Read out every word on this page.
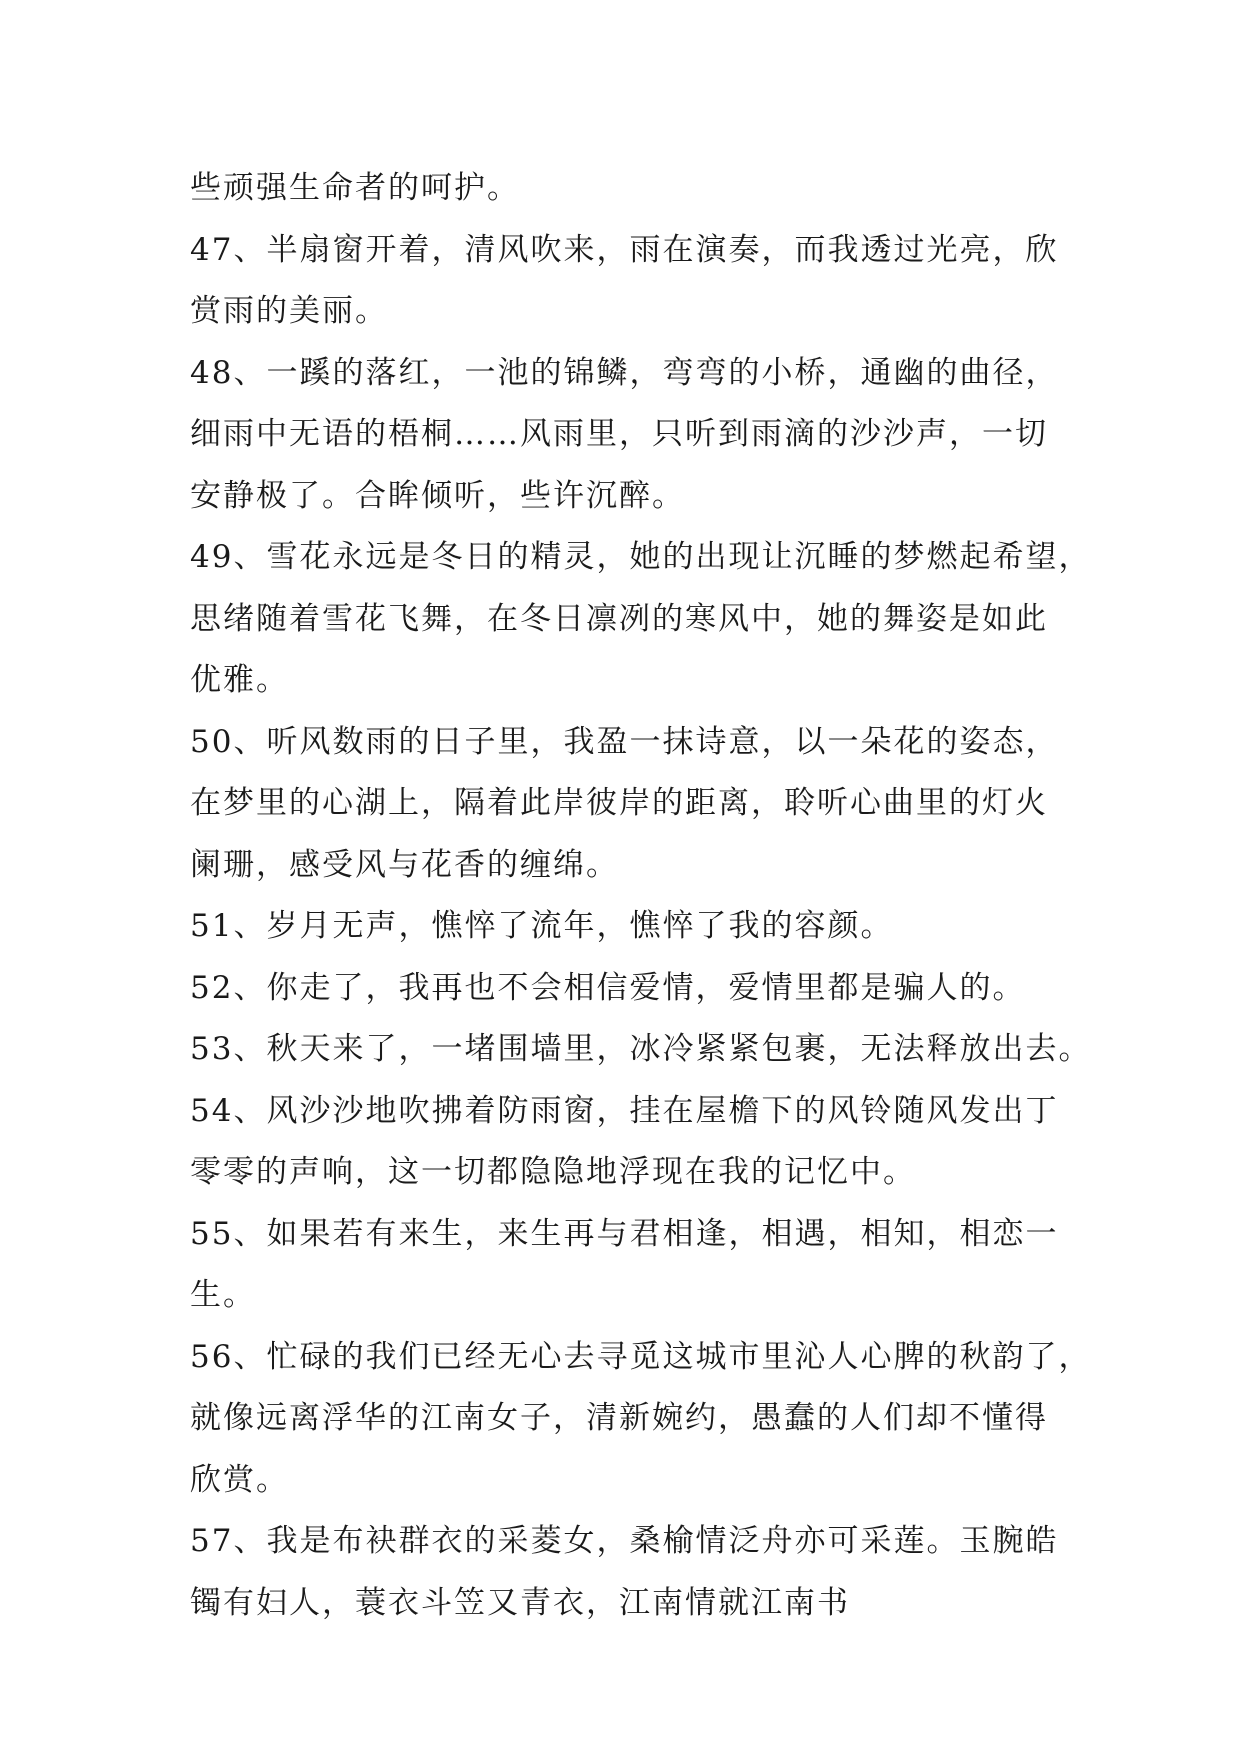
些顽强生命者的呵护。
47、半扇窗开着，清风吹来，雨在演奏，而我透过光亮，欣
赏雨的美丽。
48、一蹊的落红，一池的锦鳞，弯弯的小桥，通幽的曲径，
细雨中无语的梧桐……风雨里，只听到雨滴的沙沙声，一切
安静极了。合眸倾听，些许沉醉。
49、雪花永远是冬日的精灵，她的出现让沉睡的梦燃起希望，
思绪随着雪花飞舞，在冬日凛冽的寒风中，她的舞姿是如此
优雅。
50、听风数雨的日子里，我盈一抹诗意，以一朵花的姿态，
在梦里的心湖上，隔着此岸彼岸的距离，聆听心曲里的灯火
阑珊，感受风与花香的缠绵。
51、岁月无声，憔悴了流年，憔悴了我的容颜。
52、你走了，我再也不会相信爱情，爱情里都是骗人的。
53、秋天来了，一堵围墙里，冰冷紧紧包裹，无法释放出去。
54、风沙沙地吹拂着防雨窗，挂在屋檐下的风铃随风发出丁
零零的声响，这一切都隐隐地浮现在我的记忆中。
55、如果若有来生，来生再与君相逢，相遇，相知，相恋一
生。
56、忙碌的我们已经无心去寻觅这城市里沁人心脾的秋韵了，
就像远离浮华的江南女子，清新婉约，愚蠢的人们却不懂得
欣赏。
57、我是布袂群衣的采菱女，桑榆情泛舟亦可采莲。玉腕皓
镯有妇人，蓑衣斗笠又青衣，江南情就江南书
